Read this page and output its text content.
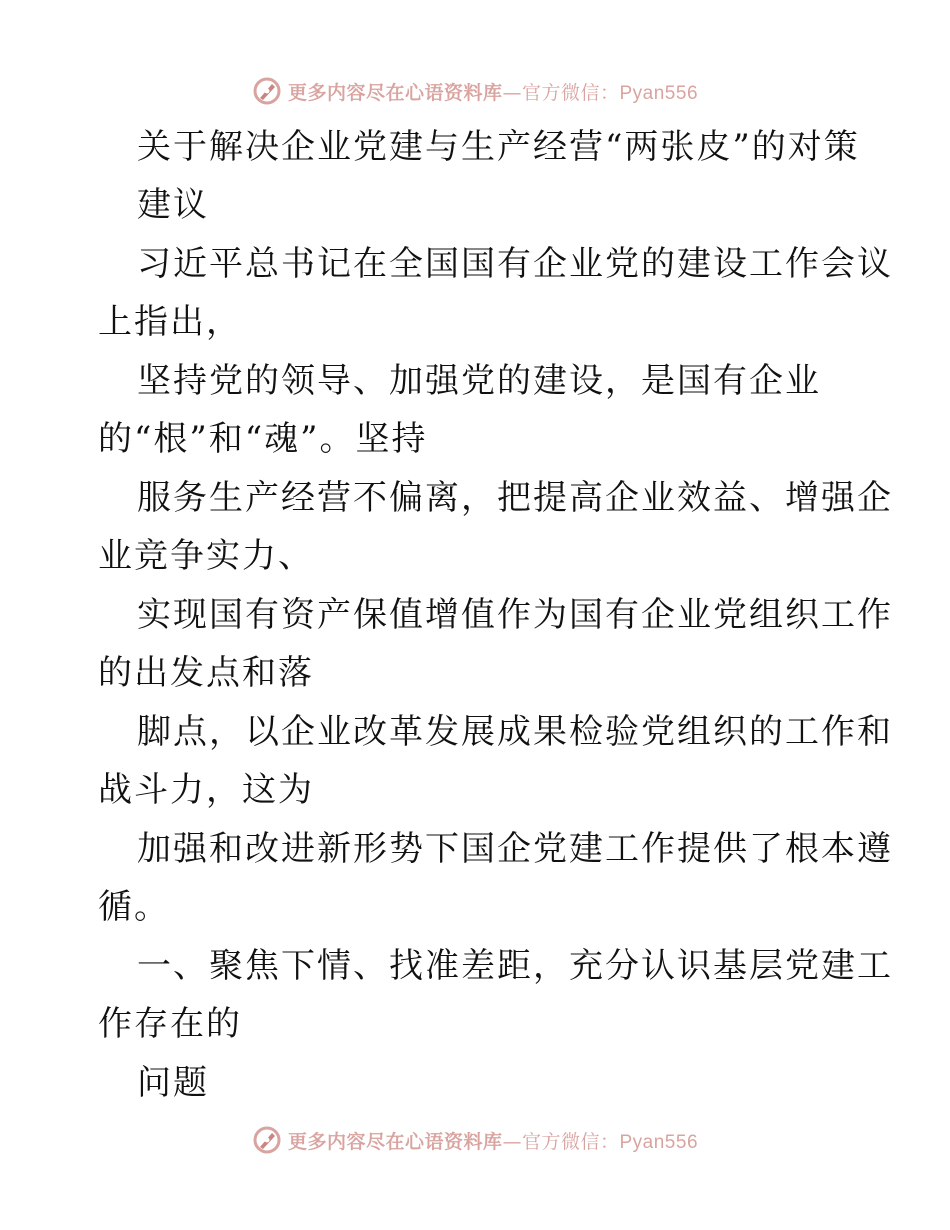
更多内容尽在心语资料库—官方微信：Pyan556
关于解决企业党建与生产经营“两张皮”的对策
建议
习近平总书记在全国国有企业党的建设工作会议
上指出，
坚持党的领导、加强党的建设，是国有企业
的“根”和“魂”。坚持
服务生产经营不偏离，把提高企业效益、增强企
业竞争实力、
实现国有资产保值增值作为国有企业党组织工作
的出发点和落
脚点，以企业改革发展成果检验党组织的工作和
战斗力，这为
加强和改进新形势下国企党建工作提供了根本遵
循。
一、聚焦下情、找准差距，充分认识基层党建工
作存在的
问题
更多内容尽在心语资料库—官方微信：Pyan556
